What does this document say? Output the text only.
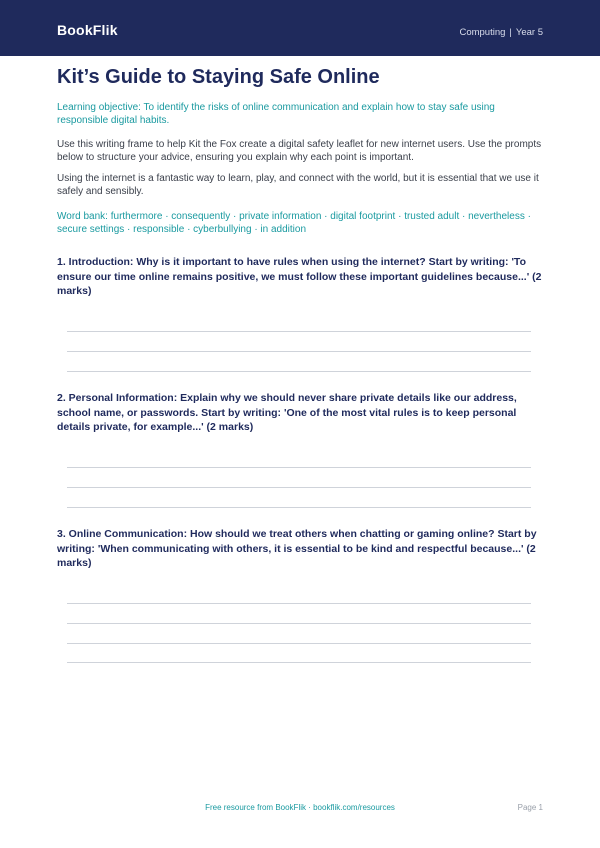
BookFlik	Computing | Year 5
Kit’s Guide to Staying Safe Online

Learning objective: To identify the risks of online communication and explain how to stay safe using responsible digital habits.

Use this writing frame to help Kit the Fox create a digital safety leaflet for new internet users. Use the prompts below to structure your advice, ensuring you explain why each point is important.

Using the internet is a fantastic way to learn, play, and connect with the world, but it is essential that we use it safely and sensibly.

Word bank: furthermore · consequently · private information · digital footprint · trusted adult · nevertheless · secure settings · responsible · cyberbullying · in addition

1. Introduction: Why is it important to have rules when using the internet? Start by writing: 'To ensure our time online remains positive, we must follow these important guidelines because...' (2 marks)

2. Personal Information: Explain why we should never share private details like our address, school name, or passwords. Start by writing: 'One of the most vital rules is to keep personal details private, for example...' (2 marks)

3. Online Communication: How should we treat others when chatting or gaming online? Start by writing: 'When communicating with others, it is essential to be kind and respectful because...' (2 marks)

Free resource from BookFlik · bookflik.com/resources	Page 1
